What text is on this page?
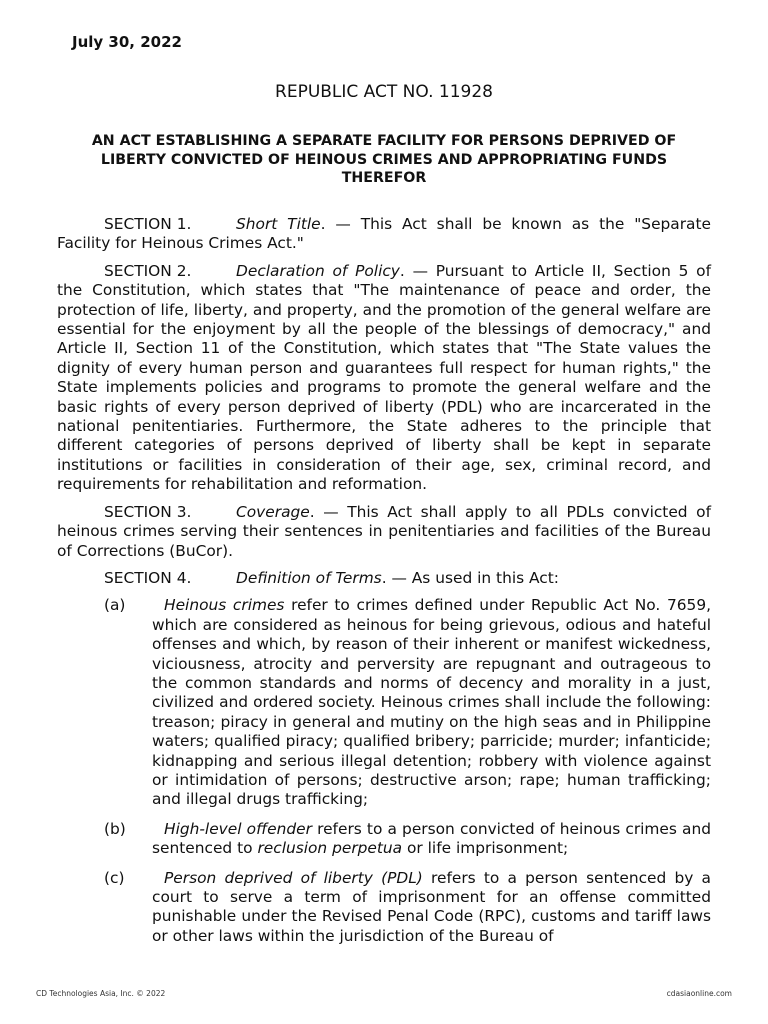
July 30, 2022
REPUBLIC ACT NO. 11928
AN ACT ESTABLISHING A SEPARATE FACILITY FOR PERSONS DEPRIVED OF LIBERTY CONVICTED OF HEINOUS CRIMES AND APPROPRIATING FUNDS THEREFOR

SECTION 1.	Short Title. — This Act shall be known as the "Separate Facility for Heinous Crimes Act."

SECTION 2.	Declaration of Policy. — Pursuant to Article II, Section 5 of the Constitution, which states that "The maintenance of peace and order, the protection of life, liberty, and property, and the promotion of the general welfare are essential for the enjoyment by all the people of the blessings of democracy," and Article II, Section 11 of the Constitution, which states that "The State values the dignity of every human person and guarantees full respect for human rights," the State implements policies and programs to promote the general welfare and the basic rights of every person deprived of liberty (PDL) who are incarcerated in the national penitentiaries. Furthermore, the State adheres to the principle that different categories of persons deprived of liberty shall be kept in separate institutions or facilities in consideration of their age, sex, criminal record, and requirements for rehabilitation and reformation.

SECTION 3.	Coverage. — This Act shall apply to all PDLs convicted of heinous crimes serving their sentences in penitentiaries and facilities of the Bureau of Corrections (BuCor).

SECTION 4.	Definition of Terms. — As used in this Act:

(a)	Heinous crimes refer to crimes defined under Republic Act No. 7659, which are considered as heinous for being grievous, odious and hateful offenses and which, by reason of their inherent or manifest wickedness, viciousness, atrocity and perversity are repugnant and outrageous to the common standards and norms of decency and morality in a just, civilized and ordered society. Heinous crimes shall include the following: treason; piracy in general and mutiny on the high seas and in Philippine waters; qualified piracy; qualified bribery; parricide; murder; infanticide; kidnapping and serious illegal detention; robbery with violence against or intimidation of persons; destructive arson; rape; human trafficking; and illegal drugs trafficking;
(b)	High-level offender refers to a person convicted of heinous crimes and sentenced to reclusion perpetua or life imprisonment;
(c)	Person deprived of liberty (PDL) refers to a person sentenced by a court to serve a term of imprisonment for an offense committed punishable under the Revised Penal Code (RPC), customs and tariff laws or other laws within the jurisdiction of the Bureau of
CD Technologies Asia, Inc. © 2022	cdasiaonline.com
